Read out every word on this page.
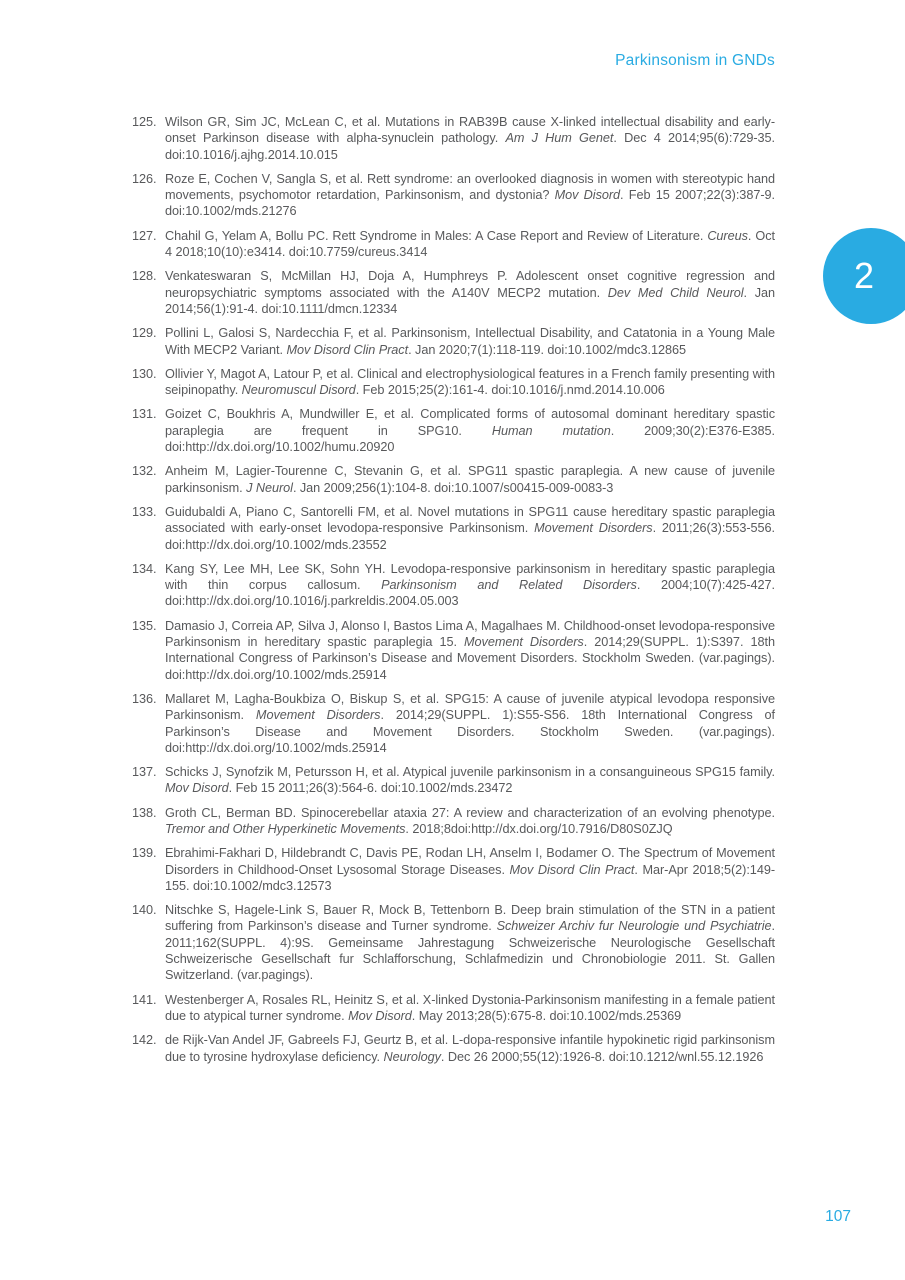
Parkinsonism in GNDs
125. Wilson GR, Sim JC, McLean C, et al. Mutations in RAB39B cause X-linked intellectual disability and early-onset Parkinson disease with alpha-synuclein pathology. Am J Hum Genet. Dec 4 2014;95(6):729-35. doi:10.1016/j.ajhg.2014.10.015
126. Roze E, Cochen V, Sangla S, et al. Rett syndrome: an overlooked diagnosis in women with stereotypic hand movements, psychomotor retardation, Parkinsonism, and dystonia? Mov Disord. Feb 15 2007;22(3):387-9. doi:10.1002/mds.21276
127. Chahil G, Yelam A, Bollu PC. Rett Syndrome in Males: A Case Report and Review of Literature. Cureus. Oct 4 2018;10(10):e3414. doi:10.7759/cureus.3414
128. Venkateswaran S, McMillan HJ, Doja A, Humphreys P. Adolescent onset cognitive regression and neuropsychiatric symptoms associated with the A140V MECP2 mutation. Dev Med Child Neurol. Jan 2014;56(1):91-4. doi:10.1111/dmcn.12334
129. Pollini L, Galosi S, Nardecchia F, et al. Parkinsonism, Intellectual Disability, and Catatonia in a Young Male With MECP2 Variant. Mov Disord Clin Pract. Jan 2020;7(1):118-119. doi:10.1002/mdc3.12865
130. Ollivier Y, Magot A, Latour P, et al. Clinical and electrophysiological features in a French family presenting with seipinopathy. Neuromuscul Disord. Feb 2015;25(2):161-4. doi:10.1016/j.nmd.2014.10.006
131. Goizet C, Boukhris A, Mundwiller E, et al. Complicated forms of autosomal dominant hereditary spastic paraplegia are frequent in SPG10. Human mutation. 2009;30(2):E376-E385. doi:http://dx.doi.org/10.1002/humu.20920
132. Anheim M, Lagier-Tourenne C, Stevanin G, et al. SPG11 spastic paraplegia. A new cause of juvenile parkinsonism. J Neurol. Jan 2009;256(1):104-8. doi:10.1007/s00415-009-0083-3
133. Guidubaldi A, Piano C, Santorelli FM, et al. Novel mutations in SPG11 cause hereditary spastic paraplegia associated with early-onset levodopa-responsive Parkinsonism. Movement Disorders. 2011;26(3):553-556. doi:http://dx.doi.org/10.1002/mds.23552
134. Kang SY, Lee MH, Lee SK, Sohn YH. Levodopa-responsive parkinsonism in hereditary spastic paraplegia with thin corpus callosum. Parkinsonism and Related Disorders. 2004;10(7):425-427. doi:http://dx.doi.org/10.1016/j.parkreldis.2004.05.003
135. Damasio J, Correia AP, Silva J, Alonso I, Bastos Lima A, Magalhaes M. Childhood-onset levodopa-responsive Parkinsonism in hereditary spastic paraplegia 15. Movement Disorders. 2014;29(SUPPL. 1):S397. 18th International Congress of Parkinson’s Disease and Movement Disorders. Stockholm Sweden. (var.pagings). doi:http://dx.doi.org/10.1002/mds.25914
136. Mallaret M, Lagha-Boukbiza O, Biskup S, et al. SPG15: A cause of juvenile atypical levodopa responsive Parkinsonism. Movement Disorders. 2014;29(SUPPL. 1):S55-S56. 18th International Congress of Parkinson’s Disease and Movement Disorders. Stockholm Sweden. (var.pagings). doi:http://dx.doi.org/10.1002/mds.25914
137. Schicks J, Synofzik M, Petursson H, et al. Atypical juvenile parkinsonism in a consanguineous SPG15 family. Mov Disord. Feb 15 2011;26(3):564-6. doi:10.1002/mds.23472
138. Groth CL, Berman BD. Spinocerebellar ataxia 27: A review and characterization of an evolving phenotype. Tremor and Other Hyperkinetic Movements. 2018;8doi:http://dx.doi.org/10.7916/D80S0ZJQ
139. Ebrahimi-Fakhari D, Hildebrandt C, Davis PE, Rodan LH, Anselm I, Bodamer O. The Spectrum of Movement Disorders in Childhood-Onset Lysosomal Storage Diseases. Mov Disord Clin Pract. Mar-Apr 2018;5(2):149-155. doi:10.1002/mdc3.12573
140. Nitschke S, Hagele-Link S, Bauer R, Mock B, Tettenborn B. Deep brain stimulation of the STN in a patient suffering from Parkinson’s disease and Turner syndrome. Schweizer Archiv fur Neurologie und Psychiatrie. 2011;162(SUPPL. 4):9S. Gemeinsame Jahrestagung Schweizerische Neurologische Gesellschaft Schweizerische Gesellschaft fur Schlafforschung, Schlafmedizin und Chronobiologie 2011. St. Gallen Switzerland. (var.pagings).
141. Westenberger A, Rosales RL, Heinitz S, et al. X-linked Dystonia-Parkinsonism manifesting in a female patient due to atypical turner syndrome. Mov Disord. May 2013;28(5):675-8. doi:10.1002/mds.25369
142. de Rijk-Van Andel JF, Gabreels FJ, Geurtz B, et al. L-dopa-responsive infantile hypokinetic rigid parkinsonism due to tyrosine hydroxylase deficiency. Neurology. Dec 26 2000;55(12):1926-8. doi:10.1212/wnl.55.12.1926
2
107
